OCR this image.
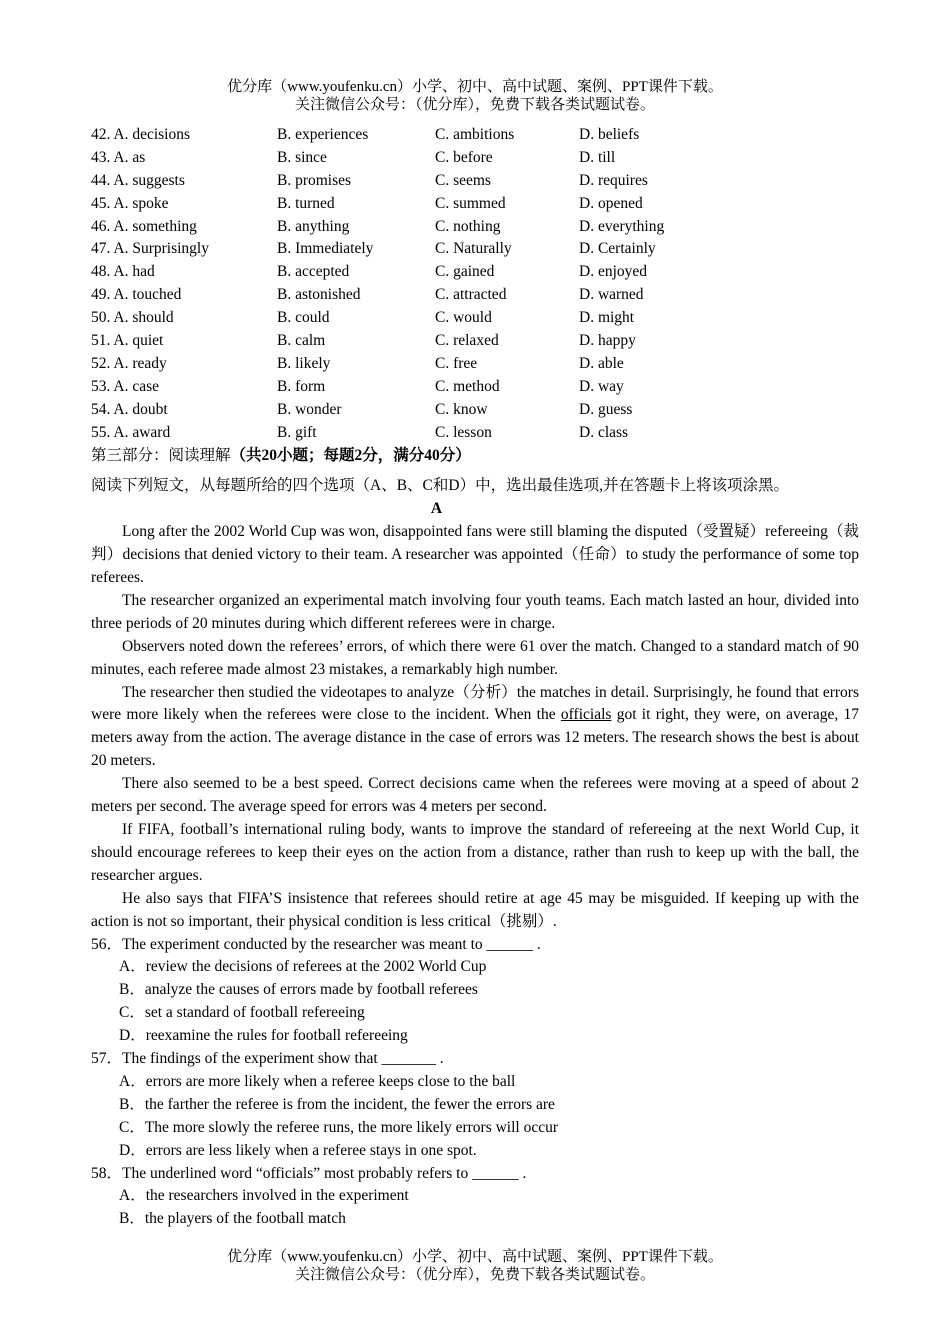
优分库（www.youfenku.cn）小学、初中、高中试题、案例、PPT课件下载。
关注微信公众号：（优分库），免费下载各类试题试卷。
42. A. decisions	B. experiences	C. ambitions	D. beliefs
43. A. as	B. since	C. before	D. till
44. A. suggests	B. promises	C. seems	D. requires
45. A. spoke	B. turned	C. summed	D. opened
46. A. something	B. anything	C. nothing	D. everything
47. A. Surprisingly	B. Immediately	C. Naturally	D. Certainly
48. A. had	B. accepted	C. gained	D. enjoyed
49. A. touched	B. astonished	C. attracted	D. warned
50. A. should	B. could	C. would	D. might
51. A. quiet	B. calm	C. relaxed	D. happy
52. A. ready	B. likely	C. free	D. able
53. A. case	B. form	C. method	D. way
54. A. doubt	B. wonder	C. know	D. guess
55. A. award	B. gift	C. lesson	D. class
第三部分：阅读理解（共20小题；每题2分，满分40分）
阅读下列短文，从每题所给的四个选项（A、B、C和D）中，选出最佳选项,并在答题卡上将该项涂黑。
A
Long after the 2002 World Cup was won, disappointed fans were still blaming the disputed（受置疑）refereeing（裁判）decisions that denied victory to their team. A researcher was appointed（任命）to study the performance of some top referees.
The researcher organized an experimental match involving four youth teams. Each match lasted an hour, divided into three periods of 20 minutes during which different referees were in charge.
Observers noted down the referees’ errors, of which there were 61 over the match. Changed to a standard match of 90 minutes, each referee made almost 23 mistakes, a remarkably high number.
The researcher then studied the videotapes to analyze（分析）the matches in detail. Surprisingly, he found that errors were more likely when the referees were close to the incident. When the officials got it right, they were, on average, 17 meters away from the action. The average distance in the case of errors was 12 meters. The research shows the best is about 20 meters.
There also seemed to be a best speed. Correct decisions came when the referees were moving at a speed of about 2 meters per second. The average speed for errors was 4 meters per second.
If FIFA, football’s international ruling body, wants to improve the standard of refereeing at the next World Cup, it should encourage referees to keep their eyes on the action from a distance, rather than rush to keep up with the ball, the researcher argues.
He also says that FIFA’S insistence that referees should retire at age 45 may be misguided. If keeping up with the action is not so important, their physical condition is less critical（挑剔）.
56．The experiment conducted by the researcher was meant to ______ .
A．review the decisions of referees at the 2002 World Cup
B．analyze the causes of errors made by football referees
C．set a standard of football refereeing
D．reexamine the rules for football refereeing
57．The findings of the experiment show that _______ .
A．errors are more likely when a referee keeps close to the ball
B．the farther the referee is from the incident, the fewer the errors are
C．The more slowly the referee runs, the more likely errors will occur
D．errors are less likely when a referee stays in one spot.
58．The underlined word “officials” most probably refers to ______ .
A．the researchers involved in the experiment
B．the players of the football match
优分库（www.youfenku.cn）小学、初中、高中试题、案例、PPT课件下载。
关注微信公众号：（优分库），免费下载各类试题试卷。
